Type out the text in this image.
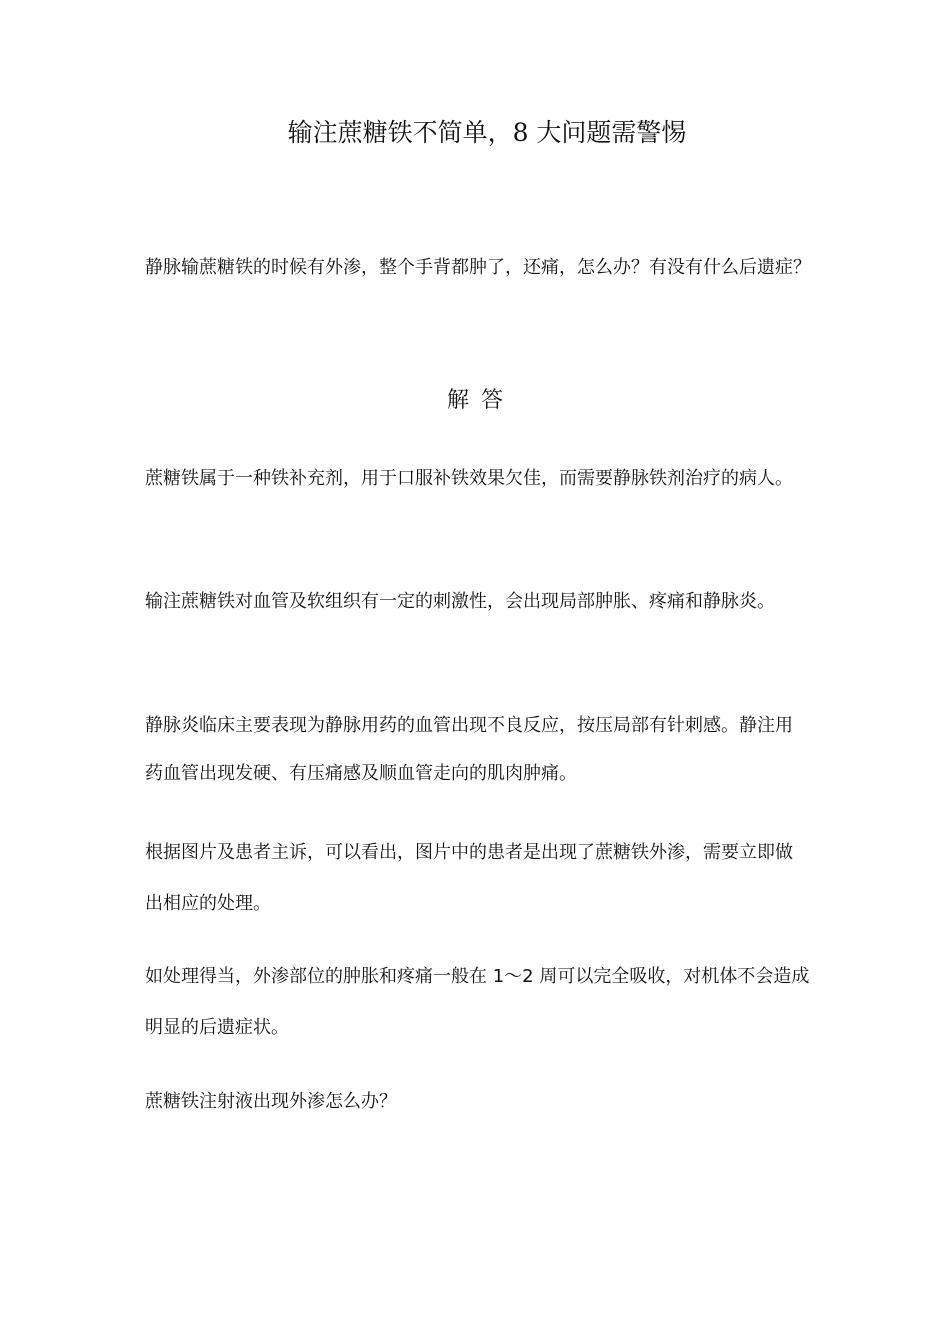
输注蔗糖铁不简单，8 大问题需警惕

静脉输蔗糖铁的时候有外渗，整个手背都肿了，还痛，怎么办？有没有什么后遗症？

解答

蔗糖铁属于一种铁补充剂，用于口服补铁效果欠佳，而需要静脉铁剂治疗的病人。

输注蔗糖铁对血管及软组织有一定的刺激性，会出现局部肿胀、疼痛和静脉炎。

静脉炎临床主要表现为静脉用药的血管出现不良反应，按压局部有针刺感。静注用药血管出现发硬、有压痛感及顺血管走向的肌肉肿痛。

根据图片及患者主诉，可以看出，图片中的患者是出现了蔗糖铁外渗，需要立即做出相应的处理。

如处理得当，外渗部位的肿胀和疼痛一般在 1～2 周可以完全吸收，对机体不会造成明显的后遗症状。

蔗糖铁注射液出现外渗怎么办？
